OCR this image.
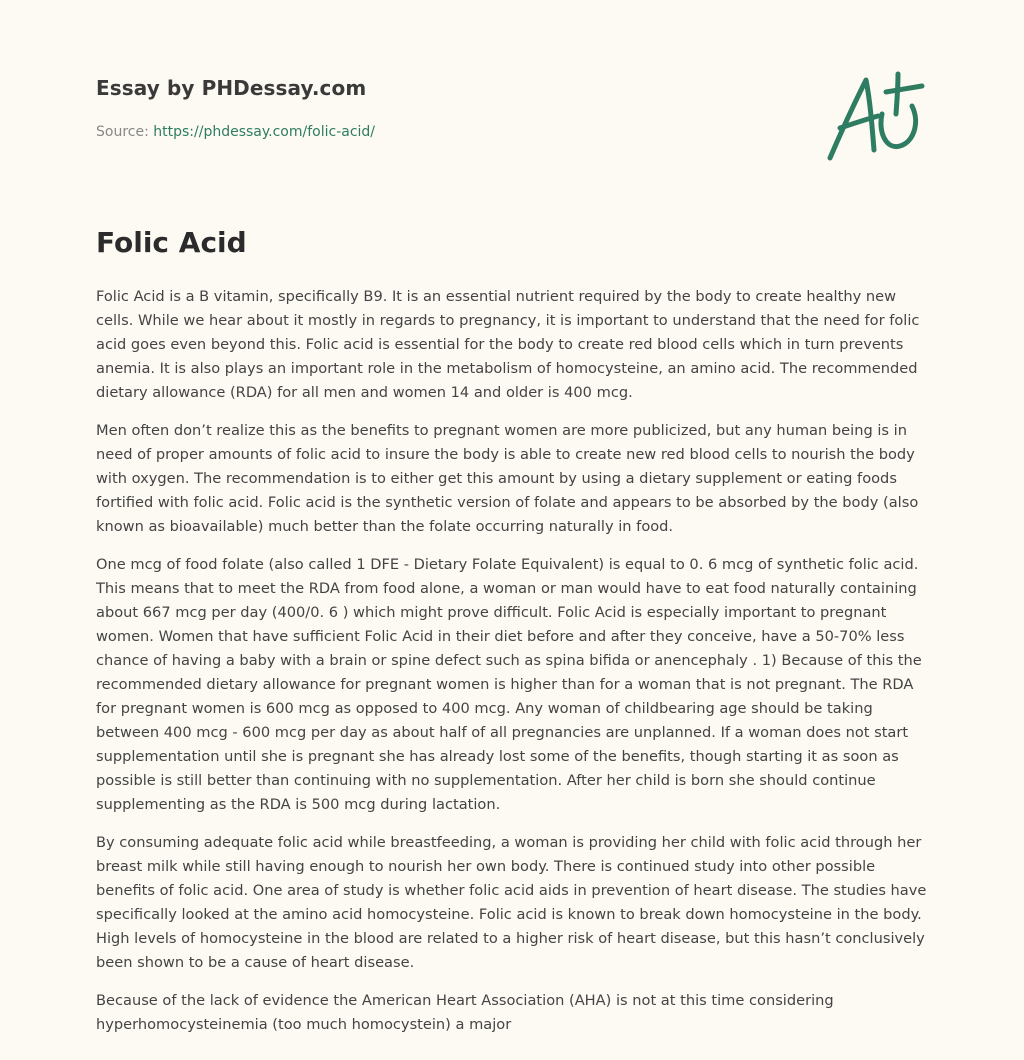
Essay by PHDessay.com
Source: https://phdessay.com/folic-acid/
Folic Acid

Folic Acid is a B vitamin, specifically B9. It is an essential nutrient required by the body to create healthy new cells. While we hear about it mostly in regards to pregnancy, it is important to understand that the need for folic acid goes even beyond this. Folic acid is essential for the body to create red blood cells which in turn prevents anemia. It is also plays an important role in the metabolism of homocysteine, an amino acid. The recommended dietary allowance (RDA) for all men and women 14 and older is 400 mcg.

Men often don’t realize this as the benefits to pregnant women are more publicized, but any human being is in need of proper amounts of folic acid to insure the body is able to create new red blood cells to nourish the body with oxygen. The recommendation is to either get this amount by using a dietary supplement or eating foods fortified with folic acid. Folic acid is the synthetic version of folate and appears to be absorbed by the body (also known as bioavailable) much better than the folate occurring naturally in food.

One mcg of food folate (also called 1 DFE - Dietary Folate Equivalent) is equal to 0. 6 mcg of synthetic folic acid. This means that to meet the RDA from food alone, a woman or man would have to eat food naturally containing about 667 mcg per day (400/0. 6 ) which might prove difficult. Folic Acid is especially important to pregnant women. Women that have sufficient Folic Acid in their diet before and after they conceive, have a 50-70% less chance of having a baby with a brain or spine defect such as spina bifida or anencephaly . 1) Because of this the recommended dietary allowance for pregnant women is higher than for a woman that is not pregnant. The RDA for pregnant women is 600 mcg as opposed to 400 mcg. Any woman of childbearing age should be taking between 400 mcg - 600 mcg per day as about half of all pregnancies are unplanned. If a woman does not start supplementation until she is pregnant she has already lost some of the benefits, though starting it as soon as possible is still better than continuing with no supplementation. After her child is born she should continue supplementing as the RDA is 500 mcg during lactation.

By consuming adequate folic acid while breastfeeding, a woman is providing her child with folic acid through her breast milk while still having enough to nourish her own body. There is continued study into other possible benefits of folic acid. One area of study is whether folic acid aids in prevention of heart disease. The studies have specifically looked at the amino acid homocysteine. Folic acid is known to break down homocysteine in the body. High levels of homocysteine in the blood are related to a higher risk of heart disease, but this hasn’t conclusively been shown to be a cause of heart disease.

Because of the lack of evidence the American Heart Association (AHA) is not at this time considering hyperhomocysteinemia (too much homocystein) a major
